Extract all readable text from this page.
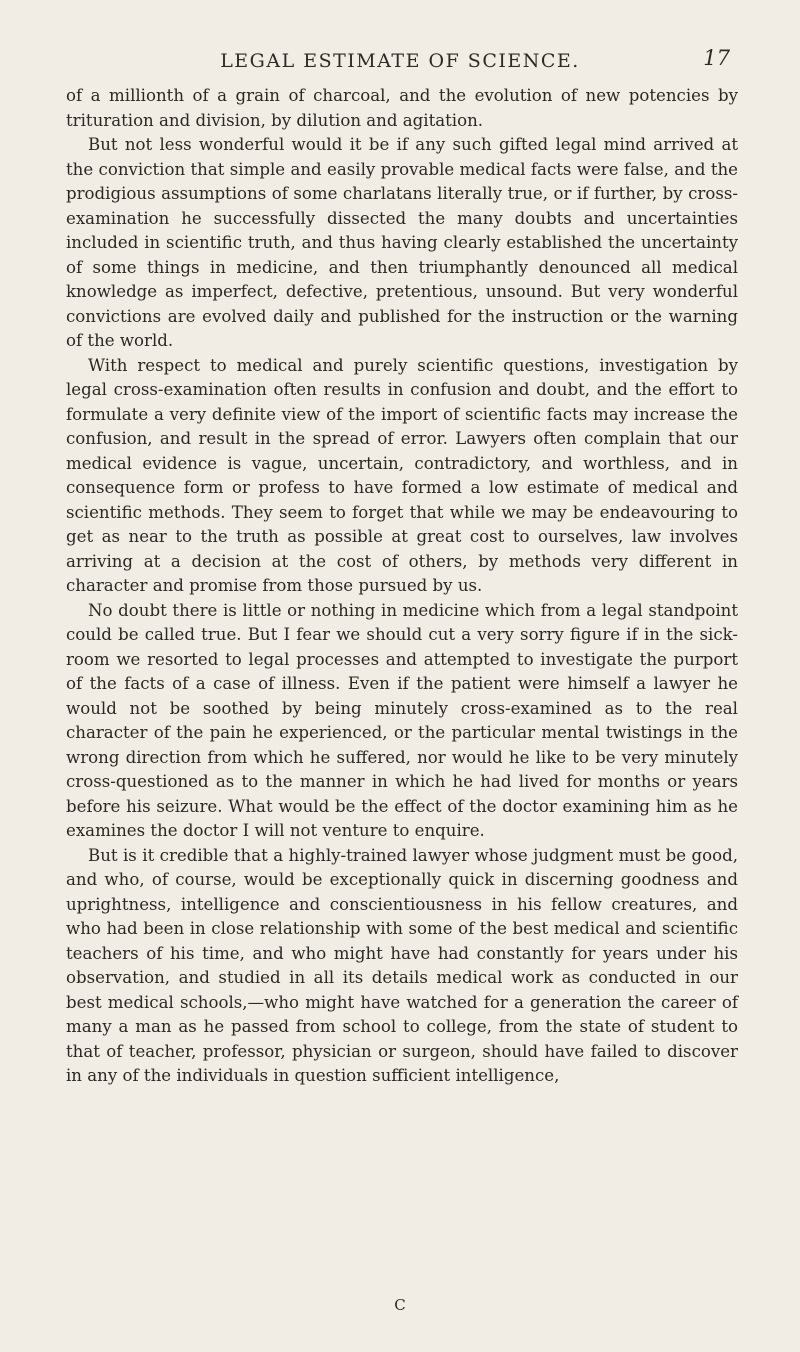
LEGAL ESTIMATE OF SCIENCE.	17

of a millionth of a grain of charcoal, and the evolution of new potencies by trituration and division, by dilution and agitation.

But not less wonderful would it be if any such gifted legal mind arrived at the conviction that simple and easily provable medical facts were false, and the prodigious assumptions of some charlatans literally true, or if further, by cross-examination he successfully dissected the many doubts and uncertainties included in scientific truth, and thus having clearly established the uncertainty of some things in medicine, and then triumphantly denounced all medical knowledge as imperfect, defective, pretentious, unsound. But very wonderful convictions are evolved daily and published for the instruction or the warning of the world.

With respect to medical and purely scientific questions, investigation by legal cross-examination often results in confusion and doubt, and the effort to formulate a very definite view of the import of scientific facts may increase the confusion, and result in the spread of error. Lawyers often complain that our medical evidence is vague, uncertain, contradictory, and worthless, and in consequence form or profess to have formed a low estimate of medical and scientific methods. They seem to forget that while we may be endeavouring to get as near to the truth as possible at great cost to ourselves, law involves arriving at a decision at the cost of others, by methods very different in character and promise from those pursued by us.

No doubt there is little or nothing in medicine which from a legal standpoint could be called true. But I fear we should cut a very sorry figure if in the sick-room we resorted to legal processes and attempted to investigate the purport of the facts of a case of illness. Even if the patient were himself a lawyer he would not be soothed by being minutely cross-examined as to the real character of the pain he experienced, or the particular mental twistings in the wrong direction from which he suffered, nor would he like to be very minutely cross-questioned as to the manner in which he had lived for months or years before his seizure. What would be the effect of the doctor examining him as he examines the doctor I will not venture to enquire.

But is it credible that a highly-trained lawyer whose judgment must be good, and who, of course, would be exceptionally quick in discerning goodness and uprightness, intelligence and conscientiousness in his fellow creatures, and who had been in close relationship with some of the best medical and scientific teachers of his time, and who might have had constantly for years under his observation, and studied in all its details medical work as conducted in our best medical schools,—who might have watched for a generation the career of many a man as he passed from school to college, from the state of student to that of teacher, professor, physician or surgeon, should have failed to discover in any of the individuals in question sufficient intelligence,

C
